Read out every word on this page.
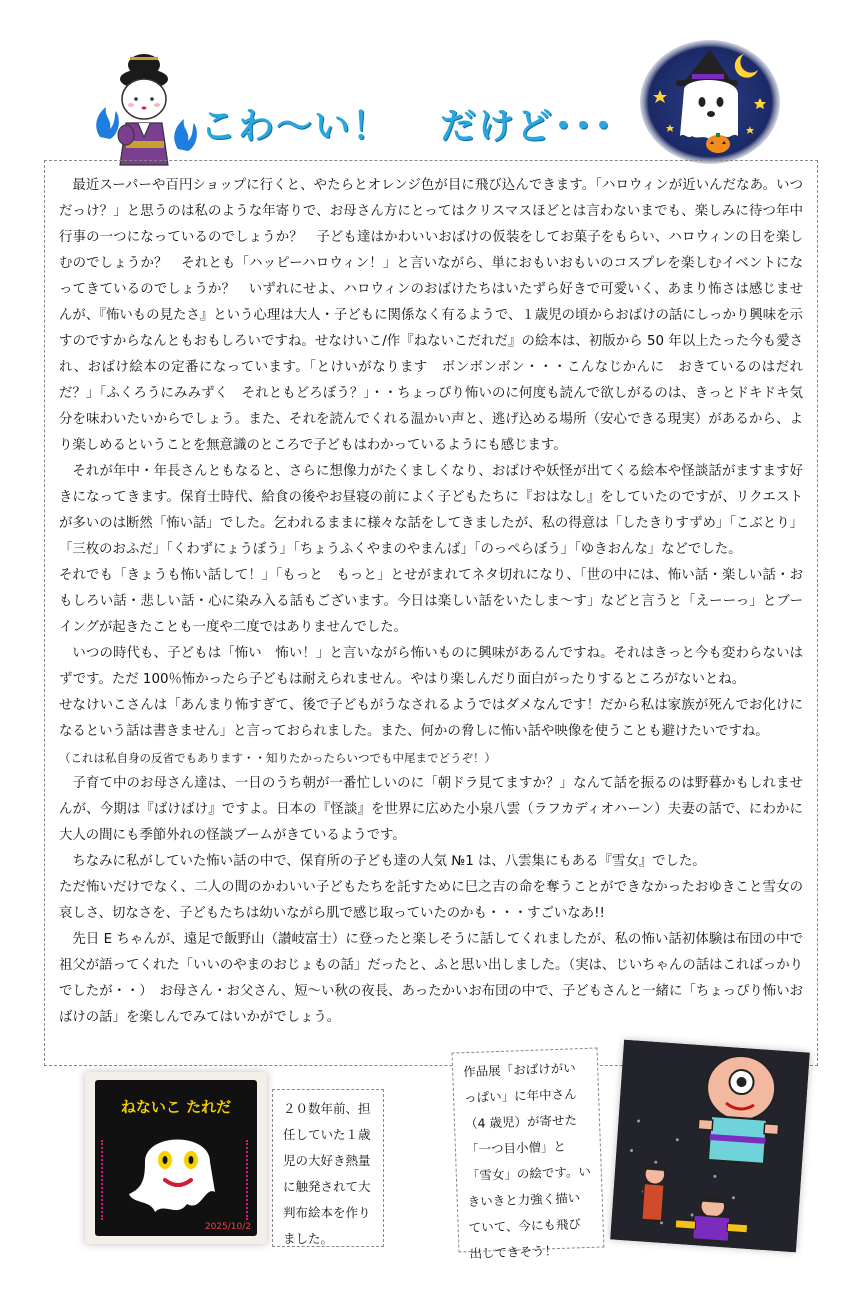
こわ～い！ だけど･･･

最近スーパーや百円ショップに行くと、やたらとオレンジ色が目に飛び込んできます。「ハロウィンが近いんだなあ。いつだっけ？」と思うのは私のような年寄りで、お母さん方にとってはクリスマスほどとは言わないまでも、楽しみに待つ年中行事の一つになっているのでしょうか？　子ども達はかわいいおばけの仮装をしてお菓子をもらい、ハロウィンの日を楽しむのでしょうか？　それとも「ハッピーハロウィン！」と言いながら、単におもいおもいのコスプレを楽しむイベントになってきているのでしょうか？　いずれにせよ、ハロウィンのおばけたちはいたずら好きで可愛いく、あまり怖さは感じませんが、『怖いもの見たさ』という心理は大人・子どもに関係なく有るようで、１歳児の頃からおばけの話にしっかり興味を示すのですからなんともおもしろいですね。せなけいこ/作『ねないこだれだ』の絵本は、初版から 50 年以上たった今も愛され、おばけ絵本の定番になっています。「とけいがなります　ボンボンボン・・・こんなじかんに　おきているのはだれだ？」「ふくろうにみみずく　それともどろぼう？」・・ちょっぴり怖いのに何度も読んで欲しがるのは、きっとドキドキ気分を味わいたいからでしょう。また、それを読んでくれる温かい声と、逃げ込める場所（安心できる現実）があるから、より楽しめるということを無意識のところで子どもはわかっているようにも感じます。

それが年中・年長さんともなると、さらに想像力がたくましくなり、おばけや妖怪が出てくる絵本や怪談話がますます好きになってきます。保育士時代、給食の後やお昼寝の前によく子どもたちに『おはなし』をしていたのですが、リクエストが多いのは断然「怖い話」でした。乞われるままに様々な話をしてきましたが、私の得意は「したきりすずめ」「こぶとり」「三枚のおふだ」「くわずにょうぼう」「ちょうふくやまのやまんば」「のっぺらぼう」「ゆきおんな」などでした。

それでも「きょうも怖い話して！」「もっと　もっと」とせがまれてネタ切れになり、「世の中には、怖い話・楽しい話・おもしろい話・悲しい話・心に染み入る話もございます。今日は楽しい話をいたしま～す」などと言うと「えーーっ」とブーイングが起きたことも一度や二度ではありませんでした。

いつの時代も、子どもは「怖い　怖い！」と言いながら怖いものに興味があるんですね。それはきっと今も変わらないはずです。ただ 100％怖かったら子どもは耐えられません。やはり楽しんだり面白がったりするところがないとね。

せなけいこさんは「あんまり怖すぎて、後で子どもがうなされるようではダメなんです！だから私は家族が死んでお化けになるという話は書きません」と言っておられました。また、何かの脅しに怖い話や映像を使うことも避けたいですね。

（これは私自身の反省でもあります・・知りたかったらいつでも中尾までどうぞ！）

子育て中のお母さん達は、一日のうち朝が一番忙しいのに「朝ドラ見てますか？」なんて話を振るのは野暮かもしれませんが、今期は『ばけばけ』ですよ。日本の『怪談』を世界に広めた小泉八雲（ラフカディオハーン）夫妻の話で、にわかに大人の間にも季節外れの怪談ブームがきているようです。

ちなみに私がしていた怖い話の中で、保育所の子ども達の人気 №1 は、八雲集にもある『雪女』でした。

ただ怖いだけでなく、二人の間のかわいい子どもたちを託すために巳之吉の命を奪うことができなかったおゆきこと雪女の哀しさ、切なさを、子どもたちは幼いながら肌で感じ取っていたのかも・・・すごいなあ!!

先日 E ちゃんが、遠足で飯野山（讃岐富士）に登ったと楽しそうに話してくれましたが、私の怖い話初体験は布団の中で祖父が語ってくれた「いいのやまのおじょもの話」だったと、ふと思い出しました。（実は、じいちゃんの話はこればっかりでしたが・・）　お母さん・お父さん、短～い秋の夜長、あったかいお布団の中で、子どもさんと一緒に「ちょっぴり怖いおばけの話」を楽しんでみてはいかがでしょう。

ねないこ たれだ
2025/10/2
２０数年前、担任していた１歳児の大好き熱量に触発されて大判布絵本を作りました。
作品展「おばけがいっぱい」に年中さん（4 歳児）が寄せた「一つ目小僧」と「雪女」の絵です。いきいきと力強く描いていて、今にも飛び出してきそう！
